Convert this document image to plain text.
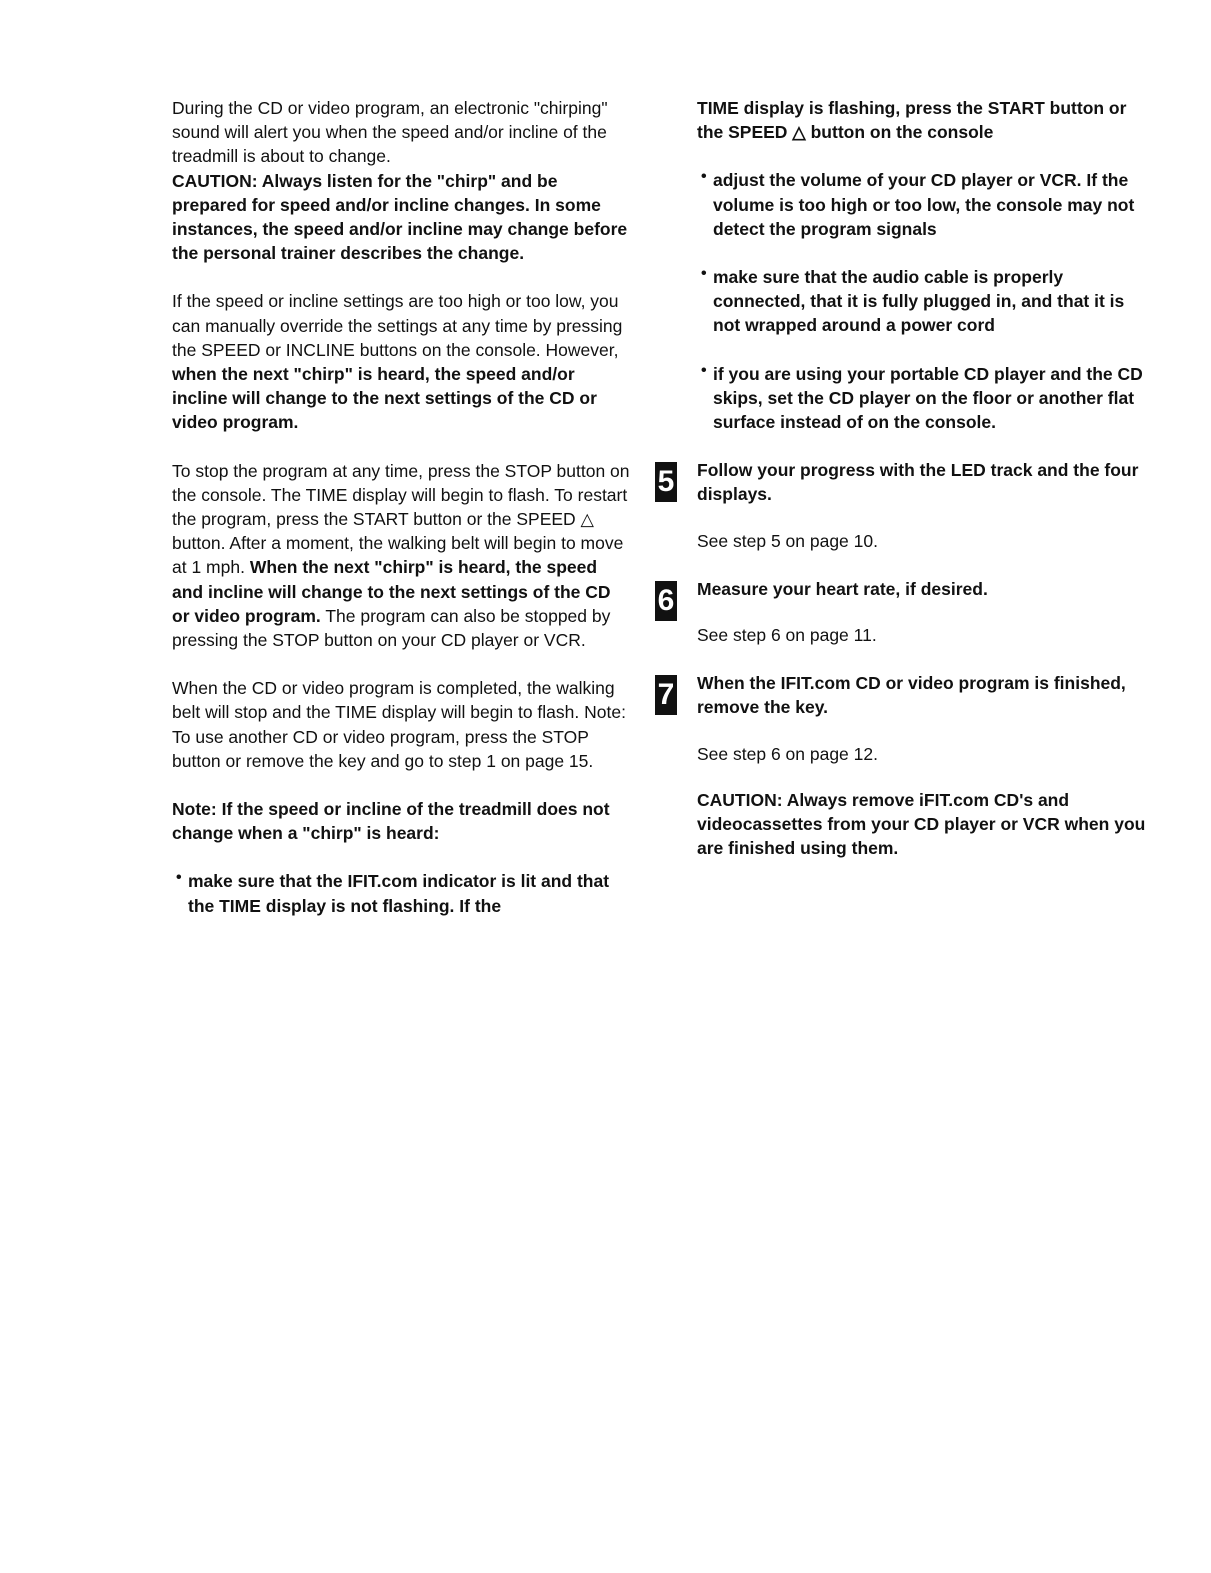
During the CD or video program, an electronic "chirping" sound will alert you when the speed and/or incline of the treadmill is about to change.

CAUTION: Always listen for the "chirp" and be prepared for speed and/or incline changes. In some instances, the speed and/or incline may change before the personal trainer describes the change.

If the speed or incline settings are too high or too low, you can manually override the settings at any time by pressing the SPEED or INCLINE buttons on the console. However, when the next "chirp" is heard, the speed and/or incline will change to the next settings of the CD or video program.

To stop the program at any time, press the STOP button on the console. The TIME display will begin to flash. To restart the program, press the START button or the SPEED △ button. After a moment, the walking belt will begin to move at 1 mph. When the next "chirp" is heard, the speed and incline will change to the next settings of the CD or video program. The program can also be stopped by pressing the STOP button on your CD player or VCR.

When the CD or video program is completed, the walking belt will stop and the TIME display will begin to flash. Note: To use another CD or video program, press the STOP button or remove the key and go to step 1 on page 15.

Note: If the speed or incline of the treadmill does not change when a "chirp" is heard:

• make sure that the IFIT.com indicator is lit and that the TIME display is not flashing. If the

TIME display is flashing, press the START button or the SPEED △ button on the console

• adjust the volume of your CD player or VCR. If the volume is too high or too low, the console may not detect the program signals

• make sure that the audio cable is properly connected, that it is fully plugged in, and that it is not wrapped around a power cord

• if you are using your portable CD player and the CD skips, set the CD player on the floor or another flat surface instead of on the console.

5 Follow your progress with the LED track and the four displays.

See step 5 on page 10.

6 Measure your heart rate, if desired.

See step 6 on page 11.

7 When the IFIT.com CD or video program is finished, remove the key.

See step 6 on page 12.

CAUTION: Always remove iFIT.com CD's and videocassettes from your CD player or VCR when you are finished using them.
